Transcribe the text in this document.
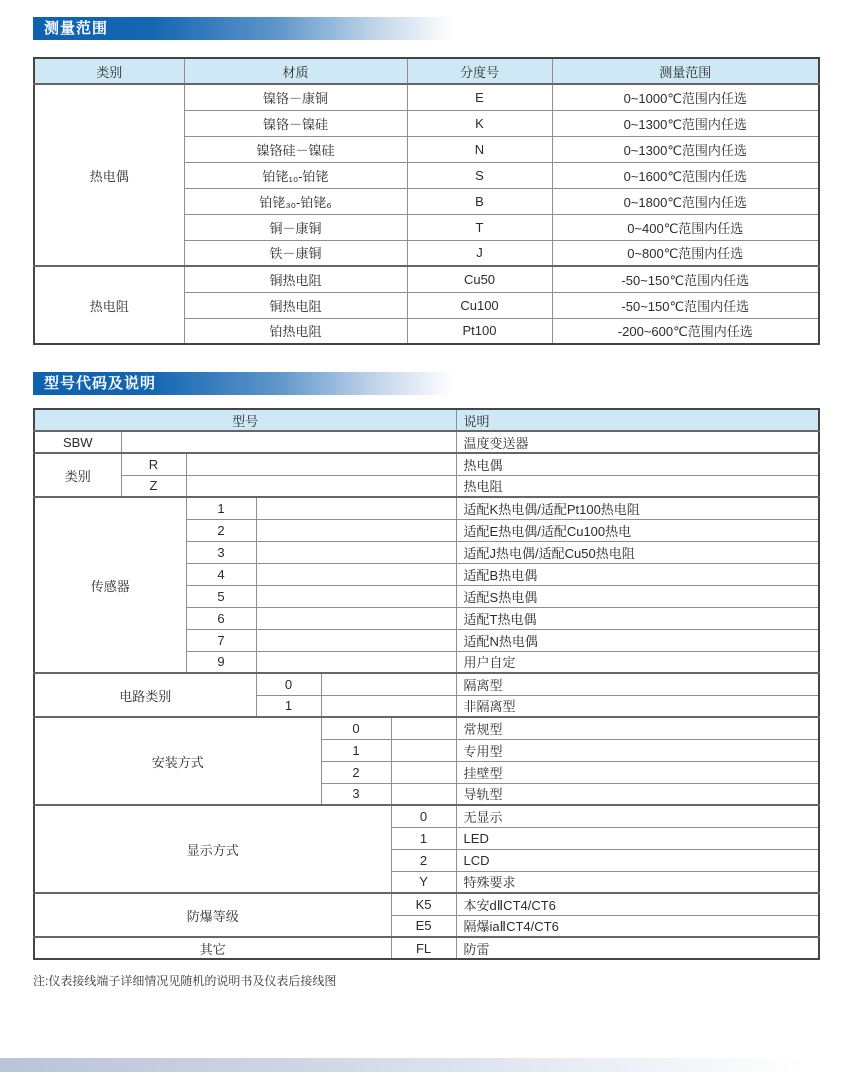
测量范围
类别	材质	分度号	测量范围
热电偶	镍铬－康铜	E	0~1000℃范围内任选
	镍铬－镍硅	K	0~1300℃范围内任选
	镍铬硅－镍硅	N	0~1300℃范围内任选
	铂铑₁₀-铂铑	S	0~1600℃范围内任选
	铂铑₃₀-铂铑₆	B	0~1800℃范围内任选
	铜－康铜	T	0~400℃范围内任选
	铁－康铜	J	0~800℃范围内任选
热电阻	铜热电阻	Cu50	-50~150℃范围内任选
	铜热电阻	Cu100	-50~150℃范围内任选
	铂热电阻	Pt100	-200~600℃范围内任选
型号代码及说明
型号						说明
SBW						温度变送器
类别	R					热电偶
	Z					热电阻
传感器		1				适配K热电偶/适配Pt100热电阻
		2				适配E热电偶/适配Cu100热电
		3				适配J热电偶/适配Cu50热电阻
		4				适配B热电偶
		5				适配S热电偶
		6				适配T热电偶
		7				适配N热电偶
		9				用户自定
电路类别			0			隔离型
			1			非隔离型
安装方式				0		常规型
				1		专用型
				2		挂壁型
				3		导轨型
显示方式					0	无显示
					1	LED
					2	LCD
					Y	特殊要求
防爆等级					K5	本安dⅡCT4/CT6
					E5	隔爆iaⅡCT4/CT6
其它					FL	防雷
注:仪表接线端子详细情况见随机的说明书及仪表后接线图
